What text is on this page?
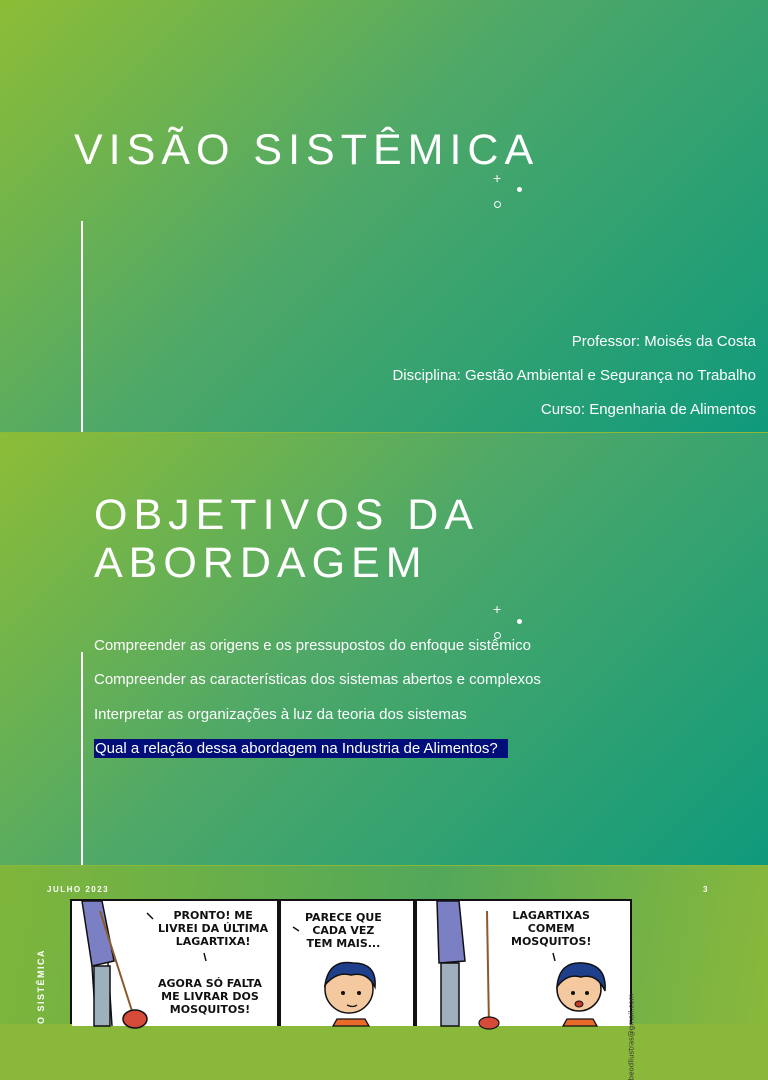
VISÃO SISTÊMICA
+
Professor: Moisés da Costa
Disciplina: Gestão Ambiental e Segurança no Trabalho
Curso: Engenharia de Alimentos
OBJETIVOS DA
ABORDAGEM
+
Compreender as origens e os pressupostos do enfoque sistêmico
Compreender as características dos sistemas abertos e complexos
Interpretar as organizações à luz da teoria dos sistemas
Qual a relação dessa abordagem na Industria de Alimentos?
JULHO 2023	3
O SISTÊMICA
PRONTO! ME
LIVREI DA ÚLTIMA
LAGARTIXA!
AGORA SÓ FALTA
ME LIVRAR DOS
MOSQUITOS!
PARECE QUE
CADA VEZ
TEM MAIS...
LAGARTIXAS
COMEM
MOSQUITOS!
beodliustras@gmail.com
